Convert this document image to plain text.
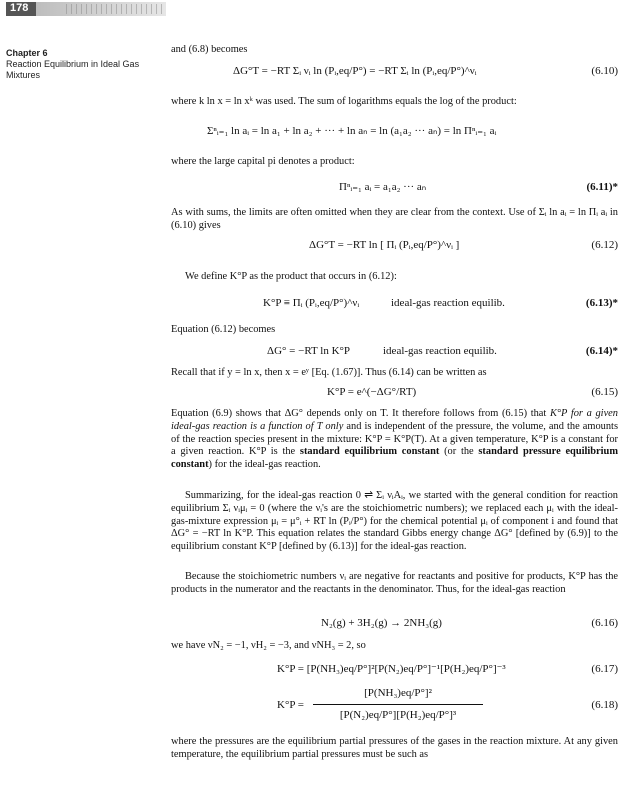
178
Chapter 6
Reaction Equilibrium in Ideal Gas Mixtures
and (6.8) becomes
ΔG°T = −RT Σᵢ νᵢ ln (Pᵢ,eq/P°) = −RT Σᵢ ln (Pᵢ,eq/P°)^νᵢ	(6.10)
where k ln x = ln xᵏ was used. The sum of logarithms equals the log of the product:
Σⁿᵢ₌₁ ln aᵢ = ln a₁ + ln a₂ + ··· + ln aₙ = ln (a₁a₂ ··· aₙ) = ln Πⁿᵢ₌₁ aᵢ
where the large capital pi denotes a product:
Πⁿᵢ₌₁ aᵢ = a₁a₂ ··· aₙ	(6.11)*
As with sums, the limits are often omitted when they are clear from the context. Use of Σᵢ ln aᵢ = ln Πᵢ aᵢ in (6.10) gives
ΔG°T = −RT ln [ Πᵢ (Pᵢ,eq/P°)^νᵢ ]	(6.12)
We define K°P as the product that occurs in (6.12):
K°P ≡ Πᵢ (Pᵢ,eq/P°)^νᵢ	ideal-gas reaction equilib.	(6.13)*
Equation (6.12) becomes
ΔG° = −RT ln K°P	ideal-gas reaction equilib.	(6.14)*
Recall that if y = ln x, then x = eʸ [Eq. (1.67)]. Thus (6.14) can be written as
K°P = e^(−ΔG°/RT)	(6.15)
Equation (6.9) shows that ΔG° depends only on T. It therefore follows from (6.15) that K°P for a given ideal-gas reaction is a function of T only and is independent of the pressure, the volume, and the amounts of the reaction species present in the mixture: K°P = K°P(T). At a given temperature, K°P is a constant for a given reaction. K°P is the standard equilibrium constant (or the standard pressure equilibrium constant) for the ideal-gas reaction.
Summarizing, for the ideal-gas reaction 0 ⇌ Σᵢ νᵢAᵢ, we started with the general condition for reaction equilibrium Σᵢ νᵢμᵢ = 0 (where the νᵢ's are the stoichiometric numbers); we replaced each μᵢ with the ideal-gas-mixture expression μᵢ = μ°ᵢ + RT ln (Pᵢ/P°) for the chemical potential μᵢ of component i and found that ΔG° = −RT ln K°P. This equation relates the standard Gibbs energy change ΔG° [defined by (6.9)] to the equilibrium constant K°P [defined by (6.13)] for the ideal-gas reaction.
Because the stoichiometric numbers νᵢ are negative for reactants and positive for products, K°P has the products in the numerator and the reactants in the denominator. Thus, for the ideal-gas reaction
N₂(g) + 3H₂(g) → 2NH₃(g)	(6.16)
we have νN₂ = −1, νH₂ = −3, and νNH₃ = 2, so
K°P = [P(NH₃)eq/P°]²[P(N₂)eq/P°]⁻¹[P(H₂)eq/P°]⁻³	(6.17)
K°P =
[P(NH₃)eq/P°]²
[P(N₂)eq/P°][P(H₂)eq/P°]³
(6.18)
where the pressures are the equilibrium partial pressures of the gases in the reaction mixture. At any given temperature, the equilibrium partial pressures must be such as
